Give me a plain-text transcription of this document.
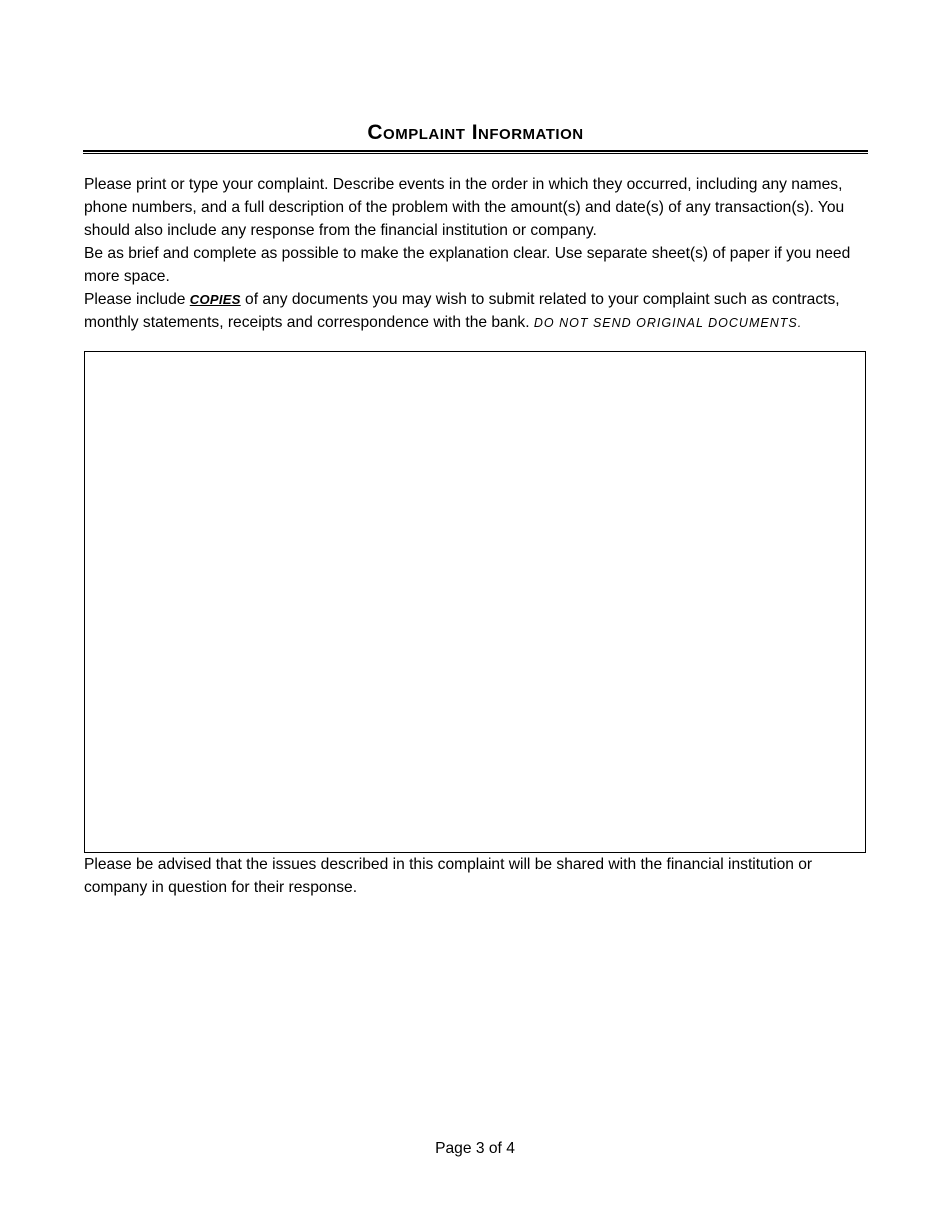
Complaint Information

Please print or type your complaint. Describe events in the order in which they occurred, including any names, phone numbers, and a full description of the problem with the amount(s) and date(s) of any transaction(s). You should also include any response from the financial institution or company.

Be as brief and complete as possible to make the explanation clear. Use separate sheet(s) of paper if you need more space.

Please include COPIES of any documents you may wish to submit related to your complaint such as contracts, monthly statements, receipts and correspondence with the bank. DO NOT SEND ORIGINAL DOCUMENTS.

Please be advised that the issues described in this complaint will be shared with the financial institution or company in question for their response.
Page 3 of 4
